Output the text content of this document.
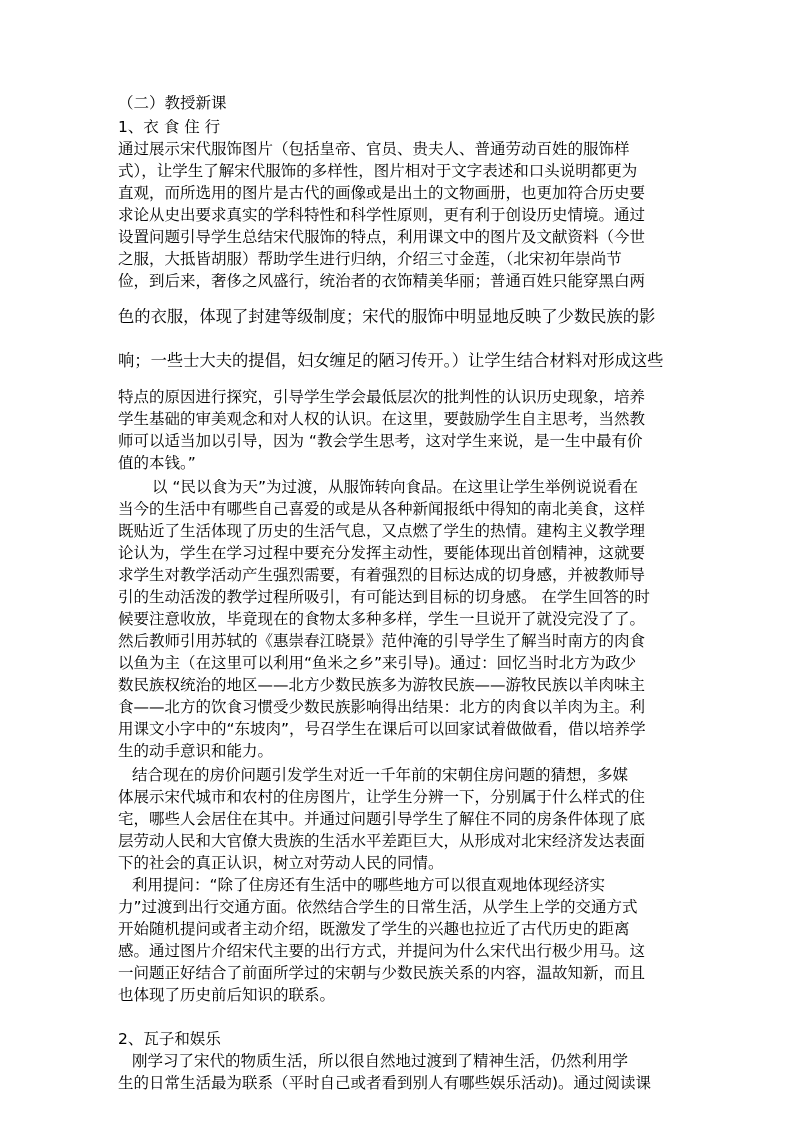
（二）教授新课
1、衣 食 住 行
通过展示宋代服饰图片（包括皇帝、官员、贵夫人、普通劳动百姓的服饰样
式），让学生了解宋代服饰的多样性，图片相对于文字表述和口头说明都更为
直观，而所选用的图片是古代的画像或是出土的文物画册，也更加符合历史要
求论从史出要求真实的学科特性和科学性原则，更有利于创设历史情境。通过
设置问题引导学生总结宋代服饰的特点，利用课文中的图片及文献资料（今世
之服，大抵皆胡服）帮助学生进行归纳，介绍三寸金莲，（北宋初年崇尚节
俭，到后来，奢侈之风盛行，统治者的衣饰精美华丽；普通百姓只能穿黑白两
色的衣服，体现了封建等级制度；宋代的服饰中明显地反映了少数民族的影
响；一些士大夫的提倡，妇女缠足的陋习传开。）让学生结合材料对形成这些
特点的原因进行探究，引导学生学会最低层次的批判性的认识历史现象，培养
学生基础的审美观念和对人权的认识。在这里，要鼓励学生自主思考，当然教
师可以适当加以引导，因为 “教会学生思考，这对学生来说，是一生中最有价
值的本钱。”
以 “民以食为天”为过渡，从服饰转向食品。在这里让学生举例说说看在
当今的生活中有哪些自己喜爱的或是从各种新闻报纸中得知的南北美食，这样
既贴近了生活体现了历史的生活气息，又点燃了学生的热情。建构主义教学理
论认为，学生在学习过程中要充分发挥主动性，要能体现出首创精神，这就要
求学生对教学活动产生强烈需要，有着强烈的目标达成的切身感，并被教师导
引的生动活泼的教学过程所吸引，有可能达到目标的切身感。 在学生回答的时
候要注意收放，毕竟现在的食物太多种多样，学生一旦说开了就没完没了了。
然后教师引用苏轼的《惠崇春江晓景》范仲淹的引导学生了解当时南方的肉食
以鱼为主（在这里可以利用“鱼米之乡”来引导)。通过：回忆当时北方为政少
数民族权统治的地区——北方少数民族多为游牧民族——游牧民族以羊肉味主
食——北方的饮食习惯受少数民族影响得出结果：北方的肉食以羊肉为主。利
用课文小字中的“东坡肉”，号召学生在课后可以回家试着做做看，借以培养学
生的动手意识和能力。
结合现在的房价问题引发学生对近一千年前的宋朝住房问题的猜想，多媒
体展示宋代城市和农村的住房图片，让学生分辨一下，分别属于什么样式的住
宅，哪些人会居住在其中。并通过问题引导学生了解住不同的房条件体现了底
层劳动人民和大官僚大贵族的生活水平差距巨大，从形成对北宋经济发达表面
下的社会的真正认识，树立对劳动人民的同情。
利用提问：“除了住房还有生活中的哪些地方可以很直观地体现经济实
力”过渡到出行交通方面。依然结合学生的日常生活，从学生上学的交通方式
开始随机提问或者主动介绍，既激发了学生的兴趣也拉近了古代历史的距离
感。通过图片介绍宋代主要的出行方式，并提问为什么宋代出行极少用马。这
一问题正好结合了前面所学过的宋朝与少数民族关系的内容，温故知新，而且
也体现了历史前后知识的联系。
2、瓦子和娱乐
刚学习了宋代的物质生活，所以很自然地过渡到了精神生活，仍然利用学
生的日常生活最为联系（平时自己或者看到别人有哪些娱乐活动)。通过阅读课
